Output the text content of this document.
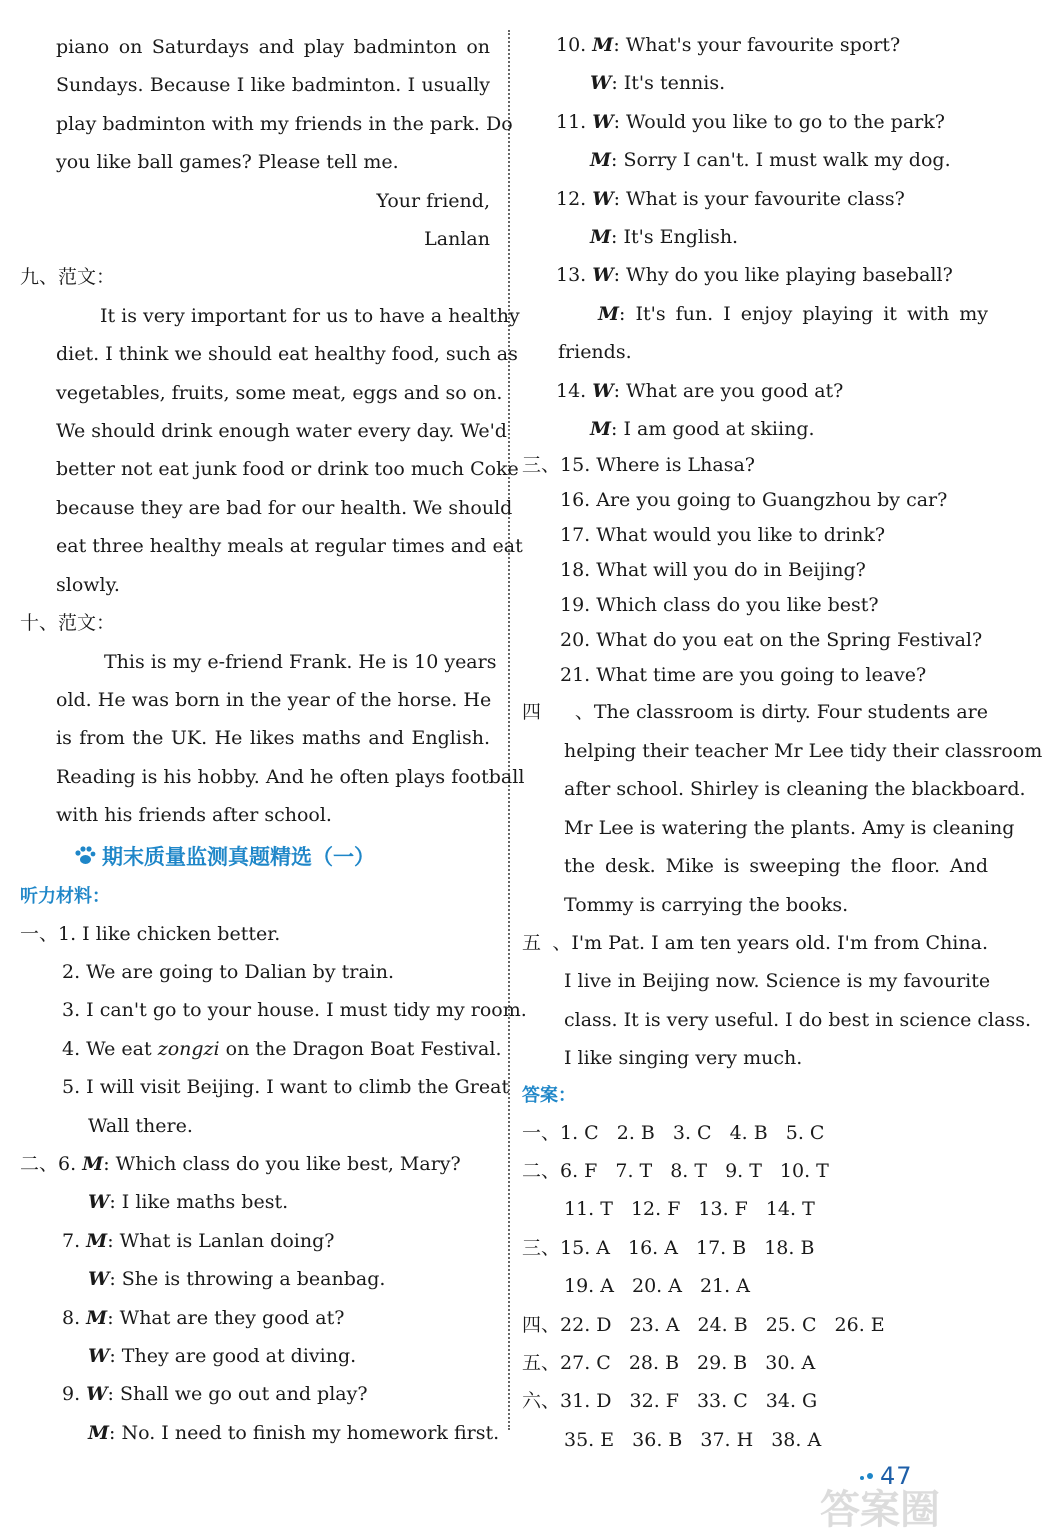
piano on Saturdays and play badminton on
Sundays. Because I like badminton. I usually
play badminton with my friends in the park. Do
you like ball games? Please tell me.
Your friend,
Lanlan
九、范文：
It is very important for us to have a healthy
diet. I think we should eat healthy food, such as
vegetables, fruits, some meat, eggs and so on.
We should drink enough water every day. We'd
better not eat junk food or drink too much Coke
because they are bad for our health. We should
eat three healthy meals at regular times and eat
slowly.
十、范文：
This is my e-friend Frank. He is 10 years
old. He was born in the year of the horse. He
is from the UK. He likes maths and English.
Reading is his hobby. And he often plays football
with his friends after school.
期末质量监测真题精选（一）
听力材料：
一、1. I like chicken better.
2. We are going to Dalian by train.
3. I can't go to your house. I must tidy my room.
4. We eat zongzi on the Dragon Boat Festival.
5. I will visit Beijing. I want to climb the Great
Wall there.
二、6. M: Which class do you like best, Mary?
W: I like maths best.
7. M: What is Lanlan doing?
W: She is throwing a beanbag.
8. M: What are they good at?
W: They are good at diving.
9. W: Shall we go out and play?
M: No. I need to finish my homework first.
10. M: What's your favourite sport?
W: It's tennis.
11. W: Would you like to go to the park?
M: Sorry I can't. I must walk my dog.
12. W: What is your favourite class?
M: It's English.
13. W: Why do you like playing baseball?
M: It's fun. I enjoy playing it with my
friends.
14. W: What are you good at?
M: I am good at skiing.
三、15. Where is Lhasa?
16. Are you going to Guangzhou by car?
17. What would you like to drink?
18. What will you do in Beijing?
19. Which class do you like best?
20. What do you eat on the Spring Festival?
21. What time are you going to leave?
四、 The classroom is dirty. Four students are
helping their teacher Mr Lee tidy their classroom
after school. Shirley is cleaning the blackboard.
Mr Lee is watering the plants. Amy is cleaning
the desk. Mike is sweeping the floor. And
Tommy is carrying the books.
五、 I'm Pat. I am ten years old. I'm from China.
I live in Beijing now. Science is my favourite
class. It is very useful. I do best in science class.
I like singing very much.
答案：
一、1. C 2. B 3. C 4. B 5. C
二、6. F 7. T 8. T 9. T 10. T
11. T 12. F 13. F 14. T
三、15. A 16. A 17. B 18. B
19. A 20. A 21. A
四、22. D 23. A 24. B 25. C 26. E
五、27. C 28. B 29. B 30. A
六、31. D 32. F 33. C 34. G
35. E 36. B 37. H 38. A
答案圈
47
